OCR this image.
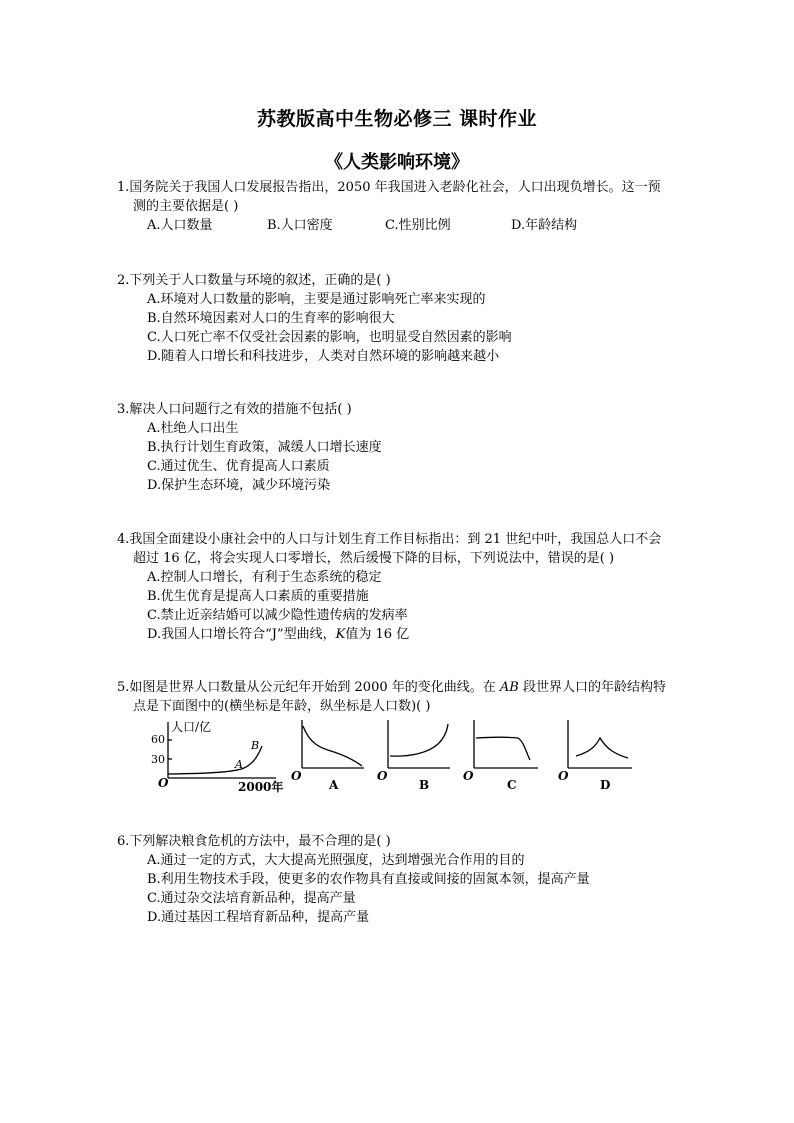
苏教版高中生物必修三 课时作业
《人类影响环境》
1.国务院关于我国人口发展报告指出，2050 年我国进入老龄化社会，人口出现负增长。这一预
测的主要依据是( )
A.人口数量	B.人口密度	C.性别比例	D.年龄结构
2.下列关于人口数量与环境的叙述，正确的是( )
A.环境对人口数量的影响，主要是通过影响死亡率来实现的
B.自然环境因素对人口的生育率的影响很大
C.人口死亡率不仅受社会因素的影响，也明显受自然因素的影响
D.随着人口增长和科技进步，人类对自然环境的影响越来越小
3.解决人口问题行之有效的措施不包括( )
A.杜绝人口出生
B.执行计划生育政策，减缓人口增长速度
C.通过优生、优育提高人口素质
D.保护生态环境，减少环境污染
4.我国全面建设小康社会中的人口与计划生育工作目标指出：到 21 世纪中叶，我国总人口不会
超过 16 亿，将会实现人口零增长，然后缓慢下降的目标，下列说法中，错误的是( )
A.控制人口增长，有利于生态系统的稳定
B.优生优育是提高人口素质的重要措施
C.禁止近亲结婚可以减少隐性遗传病的发病率
D.我国人口增长符合“J”型曲线，K值为 16 亿
5.如图是世界人口数量从公元纪年开始到 2000 年的变化曲线。在 AB 段世界人口的年龄结构特
点是下面图中的(横坐标是年龄，纵坐标是人口数)( )
人口/亿
60
30
O
A
B
2000年
O
A
O
B
O
C
O
D
6.下列解决粮食危机的方法中，最不合理的是( )
A.通过一定的方式，大大提高光照强度，达到增强光合作用的目的
B.利用生物技术手段，使更多的农作物具有直接或间接的固氮本领，提高产量
C.通过杂交法培育新品种，提高产量
D.通过基因工程培育新品种，提高产量
